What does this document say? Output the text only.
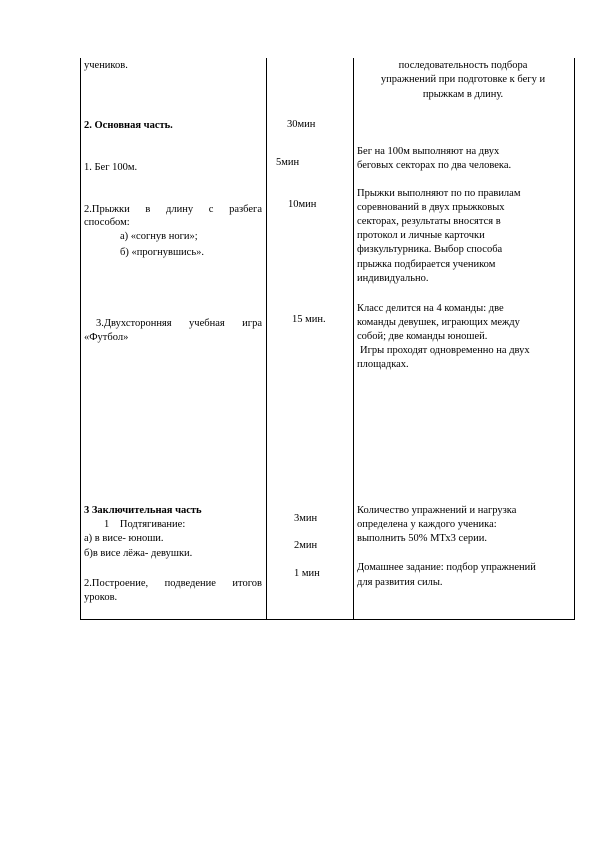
учеников.
2. Основная часть.
1. Бег 100м.
2.Прыжки в длину с разбега
способом:
а) «согнув ноги»;
б) «прогнувшись».
3.Двухсторонняя учебная игра
«Футбол»
3 Заключительная часть
1 Подтягивание:
а) в висе- юноши.
б)в висе лёжа- девушки.
2.Построение, подведение итогов
уроков.
30мин
5мин
10мин
15 мин.
3мин
2мин
1 мин
последовательность подбора
упражнений при подготовке к бегу и
прыжкам в длину.
Бег на 100м выполняют на двух
беговых секторах по два человека.
Прыжки выполняют по по правилам
соревнований в двух прыжковых
секторах, результаты вносятся в
протокол и личные карточки
физкультурника. Выбор способа
прыжка подбирается учеником
индивидуально.
Класс делится на 4 команды: две
команды девушек, играющих между
собой; две команды юношей.
Игры проходят одновременно на двух
площадках.
Количество упражнений и нагрузка
определена у каждого ученика:
выполнить 50% МТх3 серии.
Домашнее задание: подбор упражнений
для развития силы.
